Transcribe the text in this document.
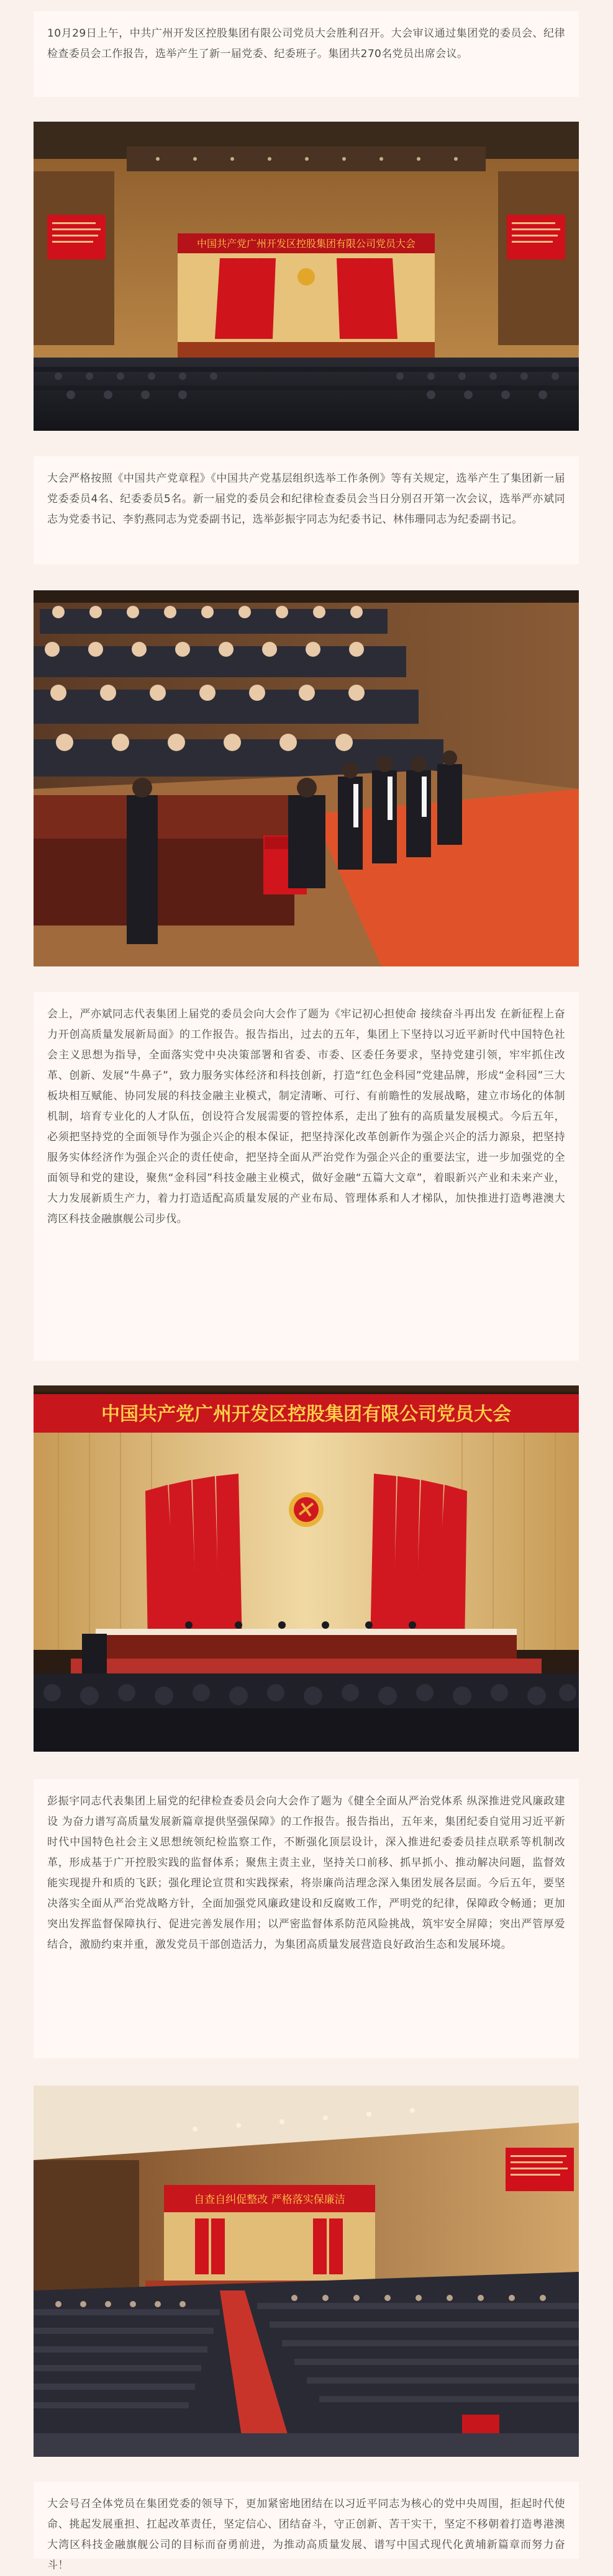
10月29日上午，中共广州开发区控股集团有限公司党员大会胜利召开。大会审议通过集团党的委员会、纪律检查委员会工作报告，选举产生了新一届党委、纪委班子。集团共270名党员出席会议。

中国共产党广州开发区控股集团有限公司党员大会

大会严格按照《中国共产党章程》《中国共产党基层组织选举工作条例》等有关规定，选举产生了集团新一届党委委员4名、纪委委员5名。新一届党的委员会和纪律检查委员会当日分别召开第一次会议，选举严亦斌同志为党委书记、李豹燕同志为党委副书记，选举彭振宇同志为纪委书记、林伟珊同志为纪委副书记。

会上，严亦斌同志代表集团上届党的委员会向大会作了题为《牢记初心担使命 接续奋斗再出发 在新征程上奋力开创高质量发展新局面》的工作报告。报告指出，过去的五年，集团上下坚持以习近平新时代中国特色社会主义思想为指导，全面落实党中央决策部署和省委、市委、区委任务要求，坚持党建引领，牢牢抓住改革、创新、发展“牛鼻子”，致力服务实体经济和科技创新，打造“红色金科园”党建品牌，形成“金科园”三大板块相互赋能、协同发展的科技金融主业模式，制定清晰、可行、有前瞻性的发展战略，建立市场化的体制机制，培育专业化的人才队伍，创设符合发展需要的管控体系，走出了独有的高质量发展模式。今后五年，必须把坚持党的全面领导作为强企兴企的根本保证，把坚持深化改革创新作为强企兴企的活力源泉，把坚持服务实体经济作为强企兴企的责任使命，把坚持全面从严治党作为强企兴企的重要法宝，进一步加强党的全面领导和党的建设，聚焦“金科园”科技金融主业模式，做好金融“五篇大文章”，着眼新兴产业和未来产业，大力发展新质生产力，着力打造适配高质量发展的产业布局、管理体系和人才梯队，加快推进打造粤港澳大湾区科技金融旗舰公司步伐。

中国共产党广州开发区控股集团有限公司党员大会

彭振宇同志代表集团上届党的纪律检查委员会向大会作了题为《健全全面从严治党体系 纵深推进党风廉政建设 为奋力谱写高质量发展新篇章提供坚强保障》的工作报告。报告指出，五年来，集团纪委自觉用习近平新时代中国特色社会主义思想统领纪检监察工作，不断强化顶层设计，深入推进纪委委员挂点联系等机制改革，形成基于广开控股实践的监督体系；聚焦主责主业，坚持关口前移、抓早抓小、推动解决问题，监督效能实现提升和质的飞跃；强化理论宣贯和实践探索，将崇廉尚洁理念深入集团发展各层面。今后五年，要坚决落实全面从严治党战略方针，全面加强党风廉政建设和反腐败工作，严明党的纪律，保障政令畅通；更加突出发挥监督保障执行、促进完善发展作用；以严密监督体系防范风险挑战，筑牢安全屏障；突出严管厚爱结合，激励约束并重，激发党员干部创造活力，为集团高质量发展营造良好政治生态和发展环境。

自查自纠促整改 严格落实保廉洁

大会号召全体党员在集团党委的领导下，更加紧密地团结在以习近平同志为核心的党中央周围，拒起时代使命、挑起发展重担、扛起改革责任，坚定信心、团结奋斗，守正创新、苦干实干，坚定不移朝着打造粤港澳大湾区科技金融旗舰公司的目标而奋勇前进，为推动高质量发展、谱写中国式现代化黄埔新篇章而努力奋斗！
